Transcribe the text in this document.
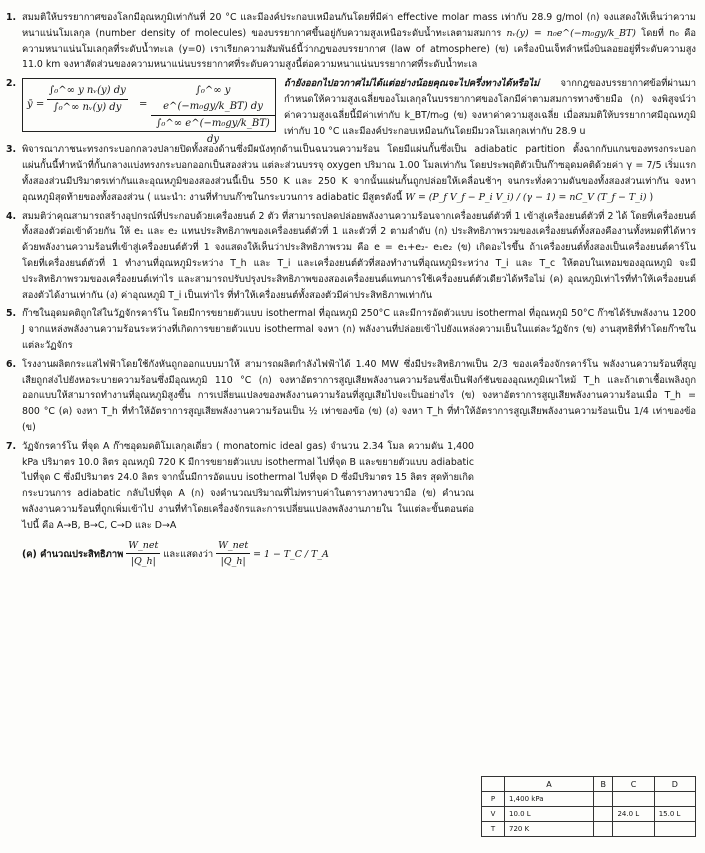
1. สมมติให้บรรยากาศของโลกมีอุณหภูมิเท่ากันที่ 20 °C และมีองค์ประกอบเหมือนกันโดยที่มีค่า effective molar mass เท่ากับ 28.9 g/mol (ก) จงแสดงให้เห็นว่าความหนาแน่นโมเลกุล (number density of molecules) ของบรรยากาศขึ้นอยู่กับความสูงเหนือระดับน้ำทะเลตามสมการ nᵥ(y) = n₀e^(−m₀gy/k_BT) โดยที่ n₀ คือ ความหนาแน่นโมเลกุลที่ระดับน้ำทะเล (y=0) เราเรียกความสัมพันธ์นี้ว่ากฎของบรรยากาศ (law of atmosphere) (ข) เครื่องบินเจ็ทลำหนึ่งบินลอยอยู่ที่ระดับความสูง 11.0 km จงหาสัดส่วนของความหนาแน่นบรรยากาศที่ระดับความสูงนี้ต่อความหนาแน่นบรรยากาศที่ระดับน้ำทะเล

2.
ȳ = $\frac{\text{∫₀\textasciicircum{}∞ y nᵥ(y) dy}}{\text{∫₀\textasciicircum{}∞ nᵥ(y) dy}} = \frac{\text{∫₀\textasciicircum{}∞ y e\textasciicircum{}(−m₀gy/k\_BT) dy}}{\text{∫₀\textasciicircum{}∞ e\textasciicircum{}(−m₀gy/k\_BT) dy}}$ ถ้ายังออกไปอวกาศไม่ได้แต่อย่างน้อยคุณจะไปครึ่งทางได้หรือไม่ จากกฎของบรรยากาศข้อที่ผ่านมา กำหนดให้ความสูงเฉลี่ยของโมเลกุลในบรรยากาศของโลกมีค่าตามสมการทางซ้ายมือ (ก) จงพิสูจน์ว่าค่าความสูงเฉลี่ยนี้มีค่าเท่ากับ k_BT/m₀g (ข) จงหาค่าความสูงเฉลี่ย เมื่อสมมติให้บรรยากาศมีอุณหภูมิเท่ากับ 10 °C และมีองค์ประกอบเหมือนกันโดยมีมวลโมเลกุลเท่ากับ 28.9 u

3. พิจารณาภาชนะทรงกระบอกกลวงปลายปิดทั้งสองด้านซึ่งมีผนังทุกด้านเป็นฉนวนความร้อน โดยมีแผ่นกั้นซึ่งเป็น adiabatic partition ตั้งฉากกับแกนของทรงกระบอก แผ่นกั้นนี้ทำหน้าที่กั้นกลางแบ่งทรงกระบอกออกเป็นสองส่วน แต่ละส่วนบรรจุ oxygen ปริมาณ 1.00 โมลเท่ากัน โดยประพฤติตัวเป็นก๊าซอุดมคติด้วยค่า γ = 7/5 เริ่มแรกทั้งสองส่วนมีปริมาตรเท่ากันและอุณหภูมิของสองส่วนนี้เป็น 550 K และ 250 K จากนั้นแผ่นกั้นถูกปล่อยให้เคลื่อนช้าๆ จนกระทั่งความดันของทั้งสองส่วนเท่ากัน จงหาอุณหภูมิสุดท้ายของทั้งสองส่วน ( แนะนำ: งานที่ทำบนก๊าซในกระบวนการ adiabatic มีสูตรดังนี้ W = (P_f V_f − P_i V_i) / (γ − 1) = nC_V (T_f − T_i) )

4. สมมติว่าคุณสามารถสร้างอุปกรณ์ที่ประกอบด้วยเครื่องยนต์ 2 ตัว ที่สามารถปลดปล่อยพลังงานความร้อนจากเครื่องยนต์ตัวที่ 1 เข้าสู่เครื่องยนต์ตัวที่ 2 ได้ โดยที่เครื่องยนต์ทั้งสองตัวต่อเข้าด้วยกัน ให้ e₁ และ e₂ แทนประสิทธิภาพของเครื่องยนต์ตัวที่ 1 และตัวที่ 2 ตามลำดับ (ก) ประสิทธิภาพรวมของเครื่องยนต์ทั้งสองคืองานทั้งหมดที่ได้หารด้วยพลังงานความร้อนที่เข้าสู่เครื่องยนต์ตัวที่ 1 จงแสดงให้เห็นว่าประสิทธิภาพรวม คือ e = e₁+e₂- e₁e₂ (ข) เกิดอะไรขึ้น ถ้าเครื่องยนต์ทั้งสองเป็นเครื่องยนต์คาร์โน โดยที่เครื่องยนต์ตัวที่ 1 ทำงานที่อุณหภูมิระหว่าง T_h และ T_i และเครื่องยนต์ตัวที่สองทำงานที่อุณหภูมิระหว่าง T_i และ T_c ให้ตอบในเทอมของอุณหภูมิ จะมีประสิทธิภาพรวมของเครื่องยนต์เท่าไร และสามารถปรับปรุงประสิทธิภาพของสองเครื่องยนต์แทนการใช้เครื่องยนต์ตัวเดียวได้หรือไม่ (ค) อุณหภูมิเท่าไรที่ทำให้เครื่องยนต์สองตัวได้งานเท่ากัน (ง) ค่าอุณหภูมิ T_i เป็นเท่าไร ที่ทำให้เครื่องยนต์ทั้งสองตัวมีค่าประสิทธิภาพเท่ากัน

5. ก๊าซในอุดมคติถูกใส่ในวัฏจักรคาร์โน โดยมีการขยายตัวแบบ isothermal ที่อุณหภูมิ 250°C และมีการอัดตัวแบบ isothermal ที่อุณหภูมิ 50°C ก๊าซได้รับพลังงาน 1200 J จากแหล่งพลังงานความร้อนระหว่างที่เกิดการขยายตัวแบบ isothermal จงหา (ก) พลังงานที่ปล่อยเข้าไปยังแหล่งความเย็นในแต่ละวัฏจักร (ข) งานสุทธิที่ทำโดยก๊าซในแต่ละวัฏจักร

6. โรงงานผลิตกระแสไฟฟ้าโดยใช้กังหันถูกออกแบบมาให้ สามารถผลิตกำลังไฟฟ้าได้ 1.40 MW ซึ่งมีประสิทธิภาพเป็น 2/3 ของเครื่องจักรคาร์โน พลังงานความร้อนที่สูญเสียถูกส่งไปยังหอระบายความร้อนซึ่งมีอุณหภูมิ 110 °C (ก) จงหาอัตราการสูญเสียพลังงานความร้อนซึ่งเป็นฟังก์ชันของอุณหภูมิเผาไหม้ T_h และถ้าเตาเชื้อเพลิงถูกออกแบบให้สามารถทำงานที่อุณหภูมิสูงขึ้น การเปลี่ยนแปลงของพลังงานความร้อนที่สูญเสียไปจะเป็นอย่างไร (ข) จงหาอัตราการสูญเสียพลังงานความร้อนเมื่อ T_h = 800 °C (ค) จงหา T_h ที่ทำให้อัตราการสูญเสียพลังงานความร้อนเป็น ½ เท่าของข้อ (ข) (ง) จงหา T_h ที่ทำให้อัตราการสูญเสียพลังงานความร้อนเป็น 1/4 เท่าของข้อ (ข)

7. วัฏจักรคาร์โน ที่จุด A ก๊าซอุดมคติโมเลกุลเดี่ยว ( monatomic ideal gas) จำนวน 2.34 โมล ความดัน 1,400 kPa ปริมาตร 10.0 ลิตร อุณหภูมิ 720 K มีการขยายตัวแบบ isothermal ไปที่จุด B และขยายตัวแบบ adiabatic ไปที่จุด C ซึ่งมีปริมาตร 24.0 ลิตร จากนั้นมีการอัดแบบ isothermal ไปที่จุด D ซึ่งมีปริมาตร 15 ลิตร สุดท้ายเกิดกระบวนการ adiabatic กลับไปที่จุด A (ก) จงคำนวณปริมาณที่ไม่ทราบค่าในตารางทางขวามือ (ข) คำนวณพลังงานความร้อนที่ถูกเพิ่มเข้าไป งานที่ทำโดยเครื่องจักรและการเปลี่ยนแปลงพลังงานภายใน ในแต่ละขั้นตอนต่อไปนี้ คือ A→B, B→C, C→D และ D→A

(ค) คำนวณประสิทธิภาพ $\frac{\text{W\_net}}{|Q\_h|}$ และแสดงว่า $\frac{\text{W\_net}}{|Q\_h|} = 1$ − T_C / T_A

	A	B	C	D
P	1,400 kPa			
V	10.0 L		24.0 L	15.0 L
T	720 K			
